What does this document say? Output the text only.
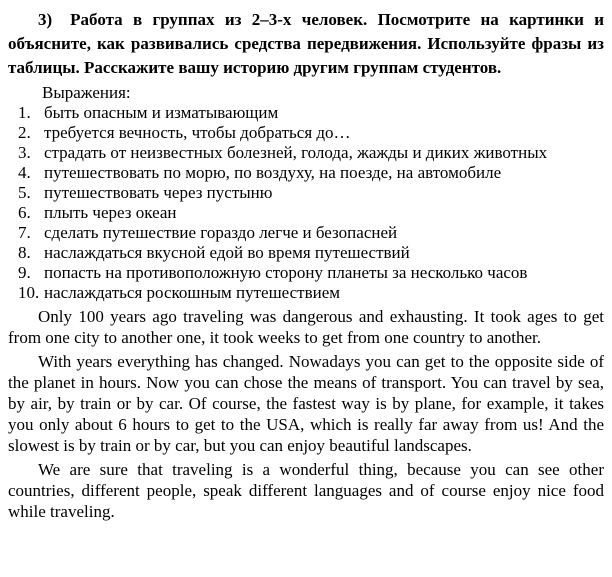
3) Работа в группах из 2–3-х человек. Посмотрите на картинки и объясните, как развивались средства передвижения. Используйте фразы из таблицы. Расскажите вашу историю другим группам студентов.

Выражения:

1. быть опасным и изматывающим
2. требуется вечность, чтобы добраться до…
3. страдать от неизвестных болезней, голода, жажды и диких животных
4. путешествовать по морю, по воздуху, на поезде, на автомобиле
5. путешествовать через пустыню
6. плыть через океан
7. сделать путешествие гораздо легче и безопасней
8. наслаждаться вкусной едой во время путешествий
9. попасть на противоположную сторону планеты за несколько часов
10. наслаждаться роскошным путешествием

Only 100 years ago traveling was dangerous and exhausting. It took ages to get from one city to another one, it took weeks to get from one country to another.

With years everything has changed. Nowadays you can get to the opposite side of the planet in hours. Now you can chose the means of transport. You can travel by sea, by air, by train or by car. Of course, the fastest way is by plane, for example, it takes you only about 6 hours to get to the USA, which is really far away from us! And the slowest is by train or by car, but you can enjoy beautiful landscapes.

We are sure that traveling is a wonderful thing, because you can see other countries, different people, speak different languages and of course enjoy nice food while traveling.
